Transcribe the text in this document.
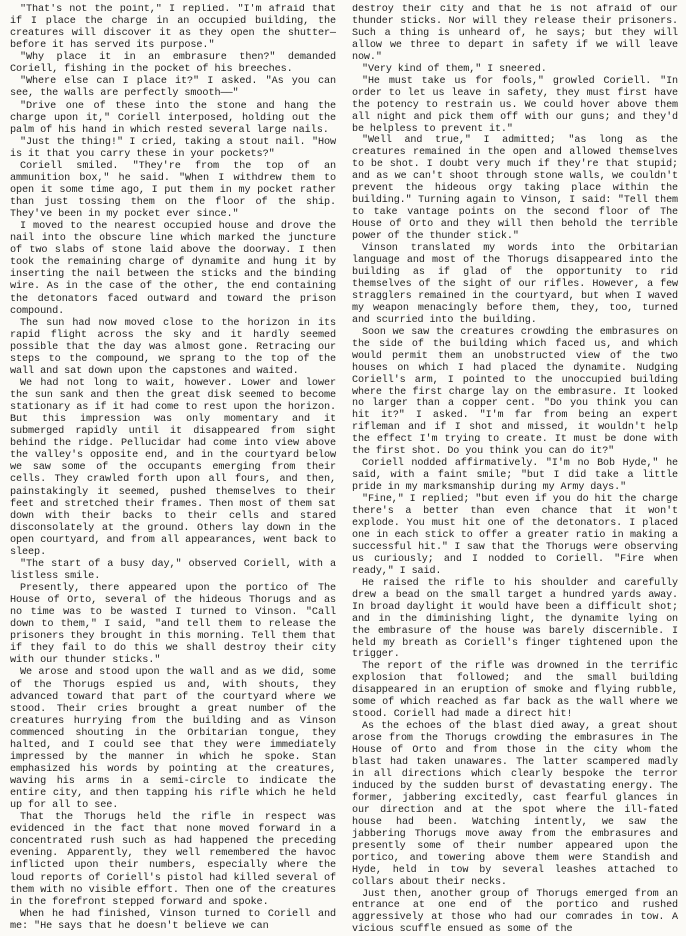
"That's not the point," I replied. "I'm afraid that if I place the charge in an occupied building, the creatures will discover it as they open the shutter—before it has served its purpose."

"Why place it in an embrasure then?" demanded Coriell, fishing in the pocket of his breeches.

"Where else can I place it?" I asked. "As you can see, the walls are perfectly smooth——"

"Drive one of these into the stone and hang the charge upon it," Coriell interposed, holding out the palm of his hand in which rested several large nails.

"Just the thing!" I cried, taking a stout nail. "How is it that you carry these in your pockets?"

Coriell smiled. "They're from the top of an ammunition box," he said. "When I withdrew them to open it some time ago, I put them in my pocket rather than just tossing them on the floor of the ship. They've been in my pocket ever since."

I moved to the nearest occupied house and drove the nail into the obscure line which marked the juncture of two slabs of stone laid above the doorway. I then took the remaining charge of dynamite and hung it by inserting the nail between the sticks and the binding wire. As in the case of the other, the end containing the detonators faced outward and toward the prison compound.

The sun had now moved close to the horizon in its rapid flight across the sky and it hardly seemed possible that the day was almost gone. Retracing our steps to the compound, we sprang to the top of the wall and sat down upon the capstones and waited.

We had not long to wait, however. Lower and lower the sun sank and then the great disk seemed to become stationary as if it had come to rest upon the horizon. But this impression was only momentary and it submerged rapidly until it disappeared from sight behind the ridge. Pellucidar had come into view above the valley's opposite end, and in the courtyard below we saw some of the occupants emerging from their cells. They crawled forth upon all fours, and then, painstakingly it seemed, pushed themselves to their feet and stretched their frames. Then most of them sat down with their backs to their cells and stared disconsolately at the ground. Others lay down in the open courtyard, and from all appearances, went back to sleep.

"The start of a busy day," observed Coriell, with a listless smile.

Presently, there appeared upon the portico of The House of Orto, several of the hideous Thorugs and as no time was to be wasted I turned to Vinson. "Call down to them," I said, "and tell them to release the prisoners they brought in this morning. Tell them that if they fail to do this we shall destroy their city with our thunder sticks."

We arose and stood upon the wall and as we did, some of the Thorugs espied us and, with shouts, they advanced toward that part of the courtyard where we stood. Their cries brought a great number of the creatures hurrying from the building and as Vinson commenced shouting in the Orbitarian tongue, they halted, and I could see that they were immediately impressed by the manner in which he spoke. Stan emphasized his words by pointing at the creatures, waving his arms in a semi-circle to indicate the entire city, and then tapping his rifle which he held up for all to see.

That the Thorugs held the rifle in respect was evidenced in the fact that none moved forward in a concentrated rush such as had happened the preceding evening. Apparently, they well remembered the havoc inflicted upon their numbers, especially where the loud reports of Coriell's pistol had killed several of them with no visible effort. Then one of the creatures in the forefront stepped forward and spoke.

When he had finished, Vinson turned to Coriell and me: "He says that he doesn't believe we can

destroy their city and that he is not afraid of our thunder sticks. Nor will they release their prisoners. Such a thing is unheard of, he says; but they will allow we three to depart in safety if we will leave now."

"Very kind of them," I sneered.

"He must take us for fools," growled Coriell. "In order to let us leave in safety, they must first have the potency to restrain us. We could hover above them all night and pick them off with our guns; and they'd be helpless to prevent it."

"Well and true," I admitted; "as long as the creatures remained in the open and allowed themselves to be shot. I doubt very much if they're that stupid; and as we can't shoot through stone walls, we couldn't prevent the hideous orgy taking place within the building." Turning again to Vinson, I said: "Tell them to take vantage points on the second floor of The House of Orto and they will then behold the terrible power of the thunder stick."

Vinson translated my words into the Orbitarian language and most of the Thorugs disappeared into the building as if glad of the opportunity to rid themselves of the sight of our rifles. However, a few stragglers remained in the courtyard, but when I waved my weapon menacingly before them, they, too, turned and scurried into the building.

Soon we saw the creatures crowding the embrasures on the side of the building which faced us, and which would permit them an unobstructed view of the two houses on which I had placed the dynamite. Nudging Coriell's arm, I pointed to the unoccupied building where the first charge lay on the embrasure. It looked no larger than a copper cent. "Do you think you can hit it?" I asked. "I'm far from being an expert rifleman and if I shot and missed, it wouldn't help the effect I'm trying to create. It must be done with the first shot. Do you think you can do it?"

Coriell nodded affirmatively. "I'm no Bob Hyde," he said, with a faint smile; "but I did take a little pride in my marksmanship during my Army days."

"Fine," I replied; "but even if you do hit the charge there's a better than even chance that it won't explode. You must hit one of the detonators. I placed one in each stick to offer a greater ratio in making a successful hit." I saw that the Thorugs were observing us curiously; and I nodded to Coriell. "Fire when ready," I said.

He raised the rifle to his shoulder and carefully drew a bead on the small target a hundred yards away. In broad daylight it would have been a difficult shot; and in the diminishing light, the dynamite lying on the embrasure of the house was barely discernible. I held my breath as Coriell's finger tightened upon the trigger.

The report of the rifle was drowned in the terrific explosion that followed; and the small building disappeared in an eruption of smoke and flying rubble, some of which reached as far back as the wall where we stood. Coriell had made a direct hit!

As the echoes of the blast died away, a great shout arose from the Thorugs crowding the embrasures in The House of Orto and from those in the city whom the blast had taken unawares. The latter scampered madly in all directions which clearly bespoke the terror induced by the sudden burst of devastating energy. The former, jabbering excitedly, cast fearful glances in our direction and at the spot where the ill-fated house had been. Watching intently, we saw the jabbering Thorugs move away from the embrasures and presently some of their number appeared upon the portico, and towering above them were Standish and Hyde, held in tow by several leashes attached to collars about their necks.

Just then, another group of Thorugs emerged from an entrance at one end of the portico and rushed aggressively at those who had our comrades in tow. A vicious scuffle ensued as some of the
